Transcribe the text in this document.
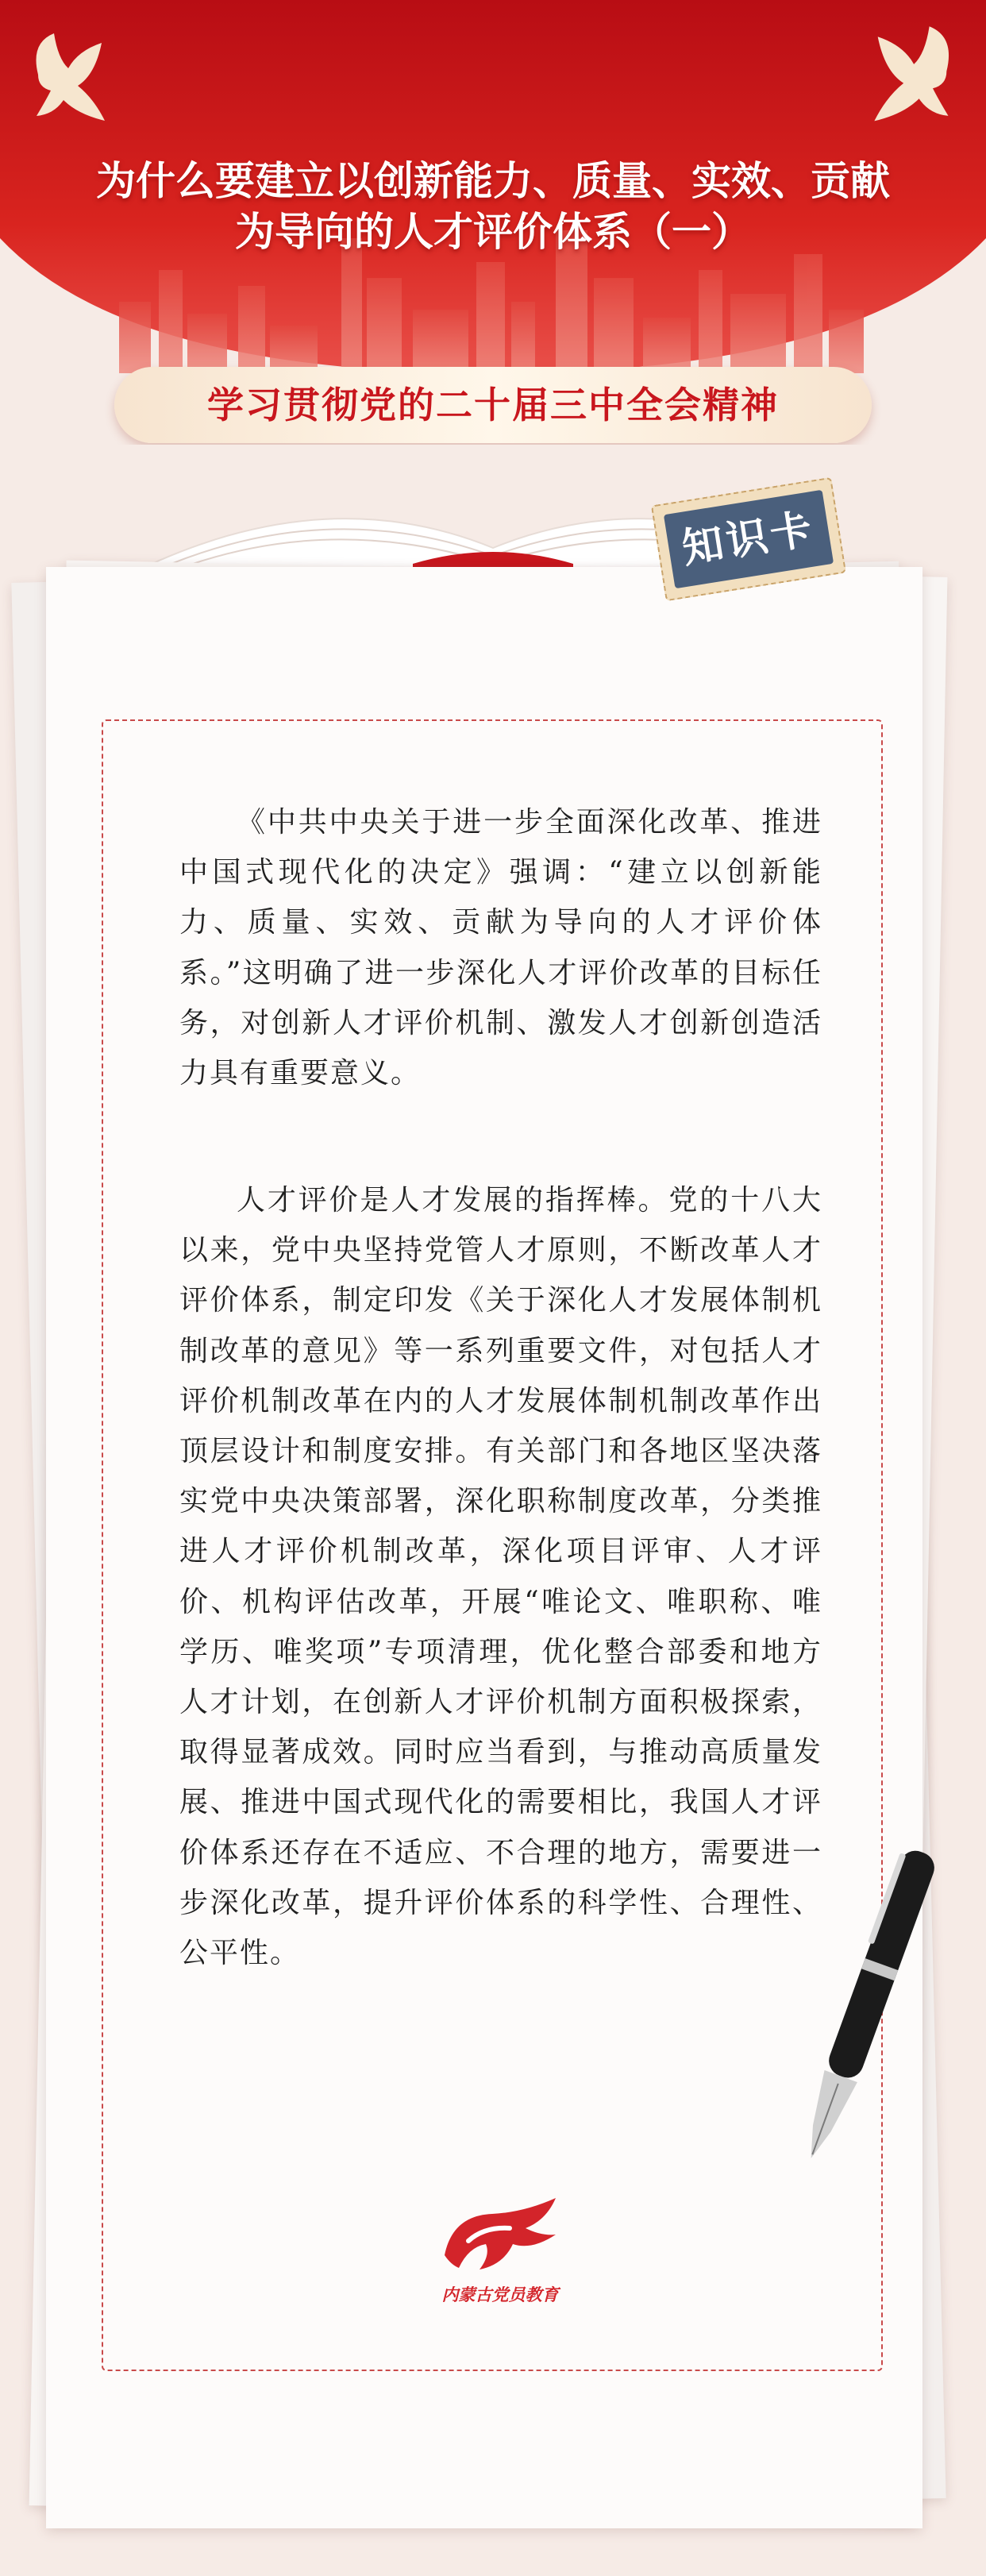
为什么要建立以创新能力、质量、实效、贡献
为导向的人才评价体系（一）
学习贯彻党的二十届三中全会精神
知识卡

《中共中央关于进一步全面深化改革、推进中国式现代化的决定》强调：“建立以创新能力、质量、实效、贡献为导向的人才评价体系。”这明确了进一步深化人才评价改革的目标任务，对创新人才评价机制、激发人才创新创造活力具有重要意义。

人才评价是人才发展的指挥棒。党的十八大以来，党中央坚持党管人才原则，不断改革人才评价体系，制定印发《关于深化人才发展体制机制改革的意见》等一系列重要文件，对包括人才评价机制改革在内的人才发展体制机制改革作出顶层设计和制度安排。有关部门和各地区坚决落实党中央决策部署，深化职称制度改革，分类推进人才评价机制改革，深化项目评审、人才评价、机构评估改革，开展“唯论文、唯职称、唯学历、唯奖项”专项清理，优化整合部委和地方人才计划，在创新人才评价机制方面积极探索，取得显著成效。同时应当看到，与推动高质量发展、推进中国式现代化的需要相比，我国人才评价体系还存在不适应、不合理的地方，需要进一步深化改革，提升评价体系的科学性、合理性、公平性。

内蒙古党员教育
